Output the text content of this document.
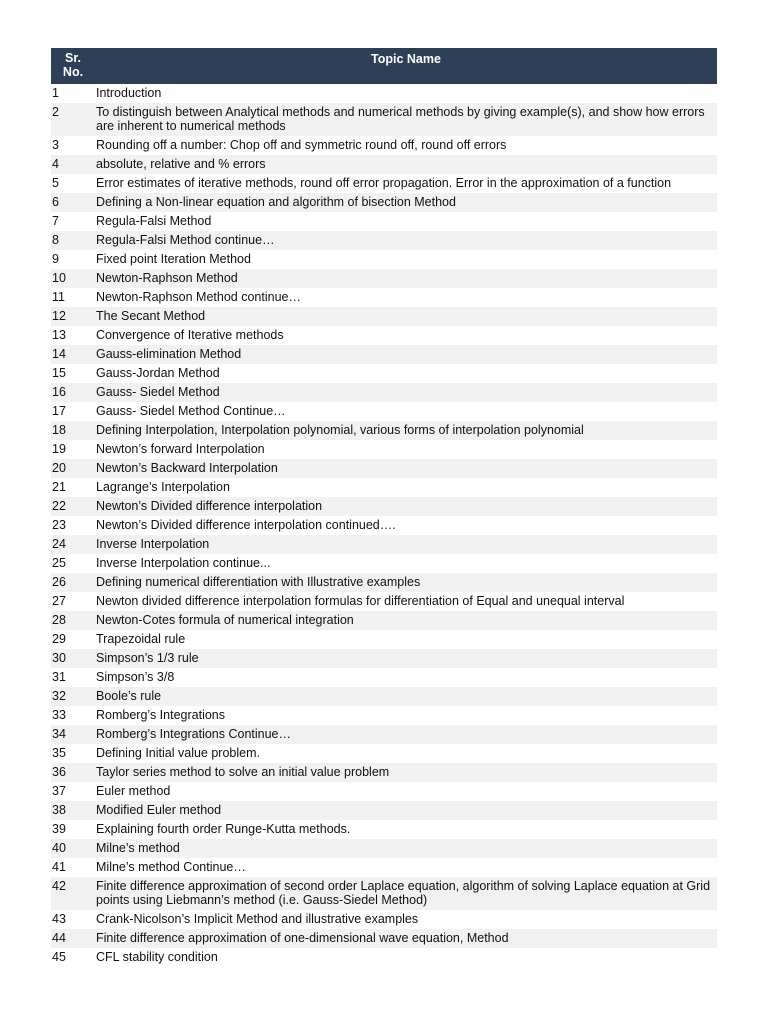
Sr. No.	Topic Name
1	Introduction
2	To distinguish between Analytical methods and numerical methods by giving example(s), and show how errors are inherent to numerical methods
3	Rounding off a number: Chop off and symmetric round off, round off errors
4	absolute, relative and % errors
5	Error estimates of iterative methods, round off error propagation. Error in the approximation of a function
6	Defining a Non-linear equation and algorithm of bisection Method
7	Regula-Falsi Method
8	Regula-Falsi Method continue…
9	Fixed point Iteration Method
10	Newton-Raphson Method
11	Newton-Raphson Method continue…
12	The Secant Method
13	Convergence of Iterative methods
14	Gauss-elimination Method
15	Gauss-Jordan Method
16	Gauss- Siedel Method
17	Gauss- Siedel Method Continue…
18	Defining Interpolation, Interpolation polynomial, various forms of interpolation polynomial
19	Newton’s forward Interpolation
20	Newton’s Backward Interpolation
21	Lagrange’s Interpolation
22	Newton’s Divided difference interpolation
23	Newton’s Divided difference interpolation continued….
24	Inverse Interpolation
25	Inverse Interpolation continue...
26	Defining numerical differentiation with Illustrative examples
27	Newton divided difference interpolation formulas for differentiation of Equal and unequal interval
28	Newton-Cotes formula of numerical integration
29	Trapezoidal rule
30	Simpson’s 1/3 rule
31	Simpson’s 3/8
32	Boole’s rule
33	Romberg’s Integrations
34	Romberg’s Integrations Continue…
35	Defining Initial value problem.
36	Taylor series method to solve an initial value problem
37	Euler method
38	Modified Euler method
39	Explaining fourth order Runge-Kutta methods.
40	Milne’s method
41	Milne’s method Continue…
42	Finite difference approximation of second order Laplace equation, algorithm of solving Laplace equation at Grid points using Liebmann’s method (i.e. Gauss-Siedel Method)
43	Crank-Nicolson’s Implicit Method and illustrative examples
44	Finite difference approximation of one-dimensional wave equation, Method
45	CFL stability condition
